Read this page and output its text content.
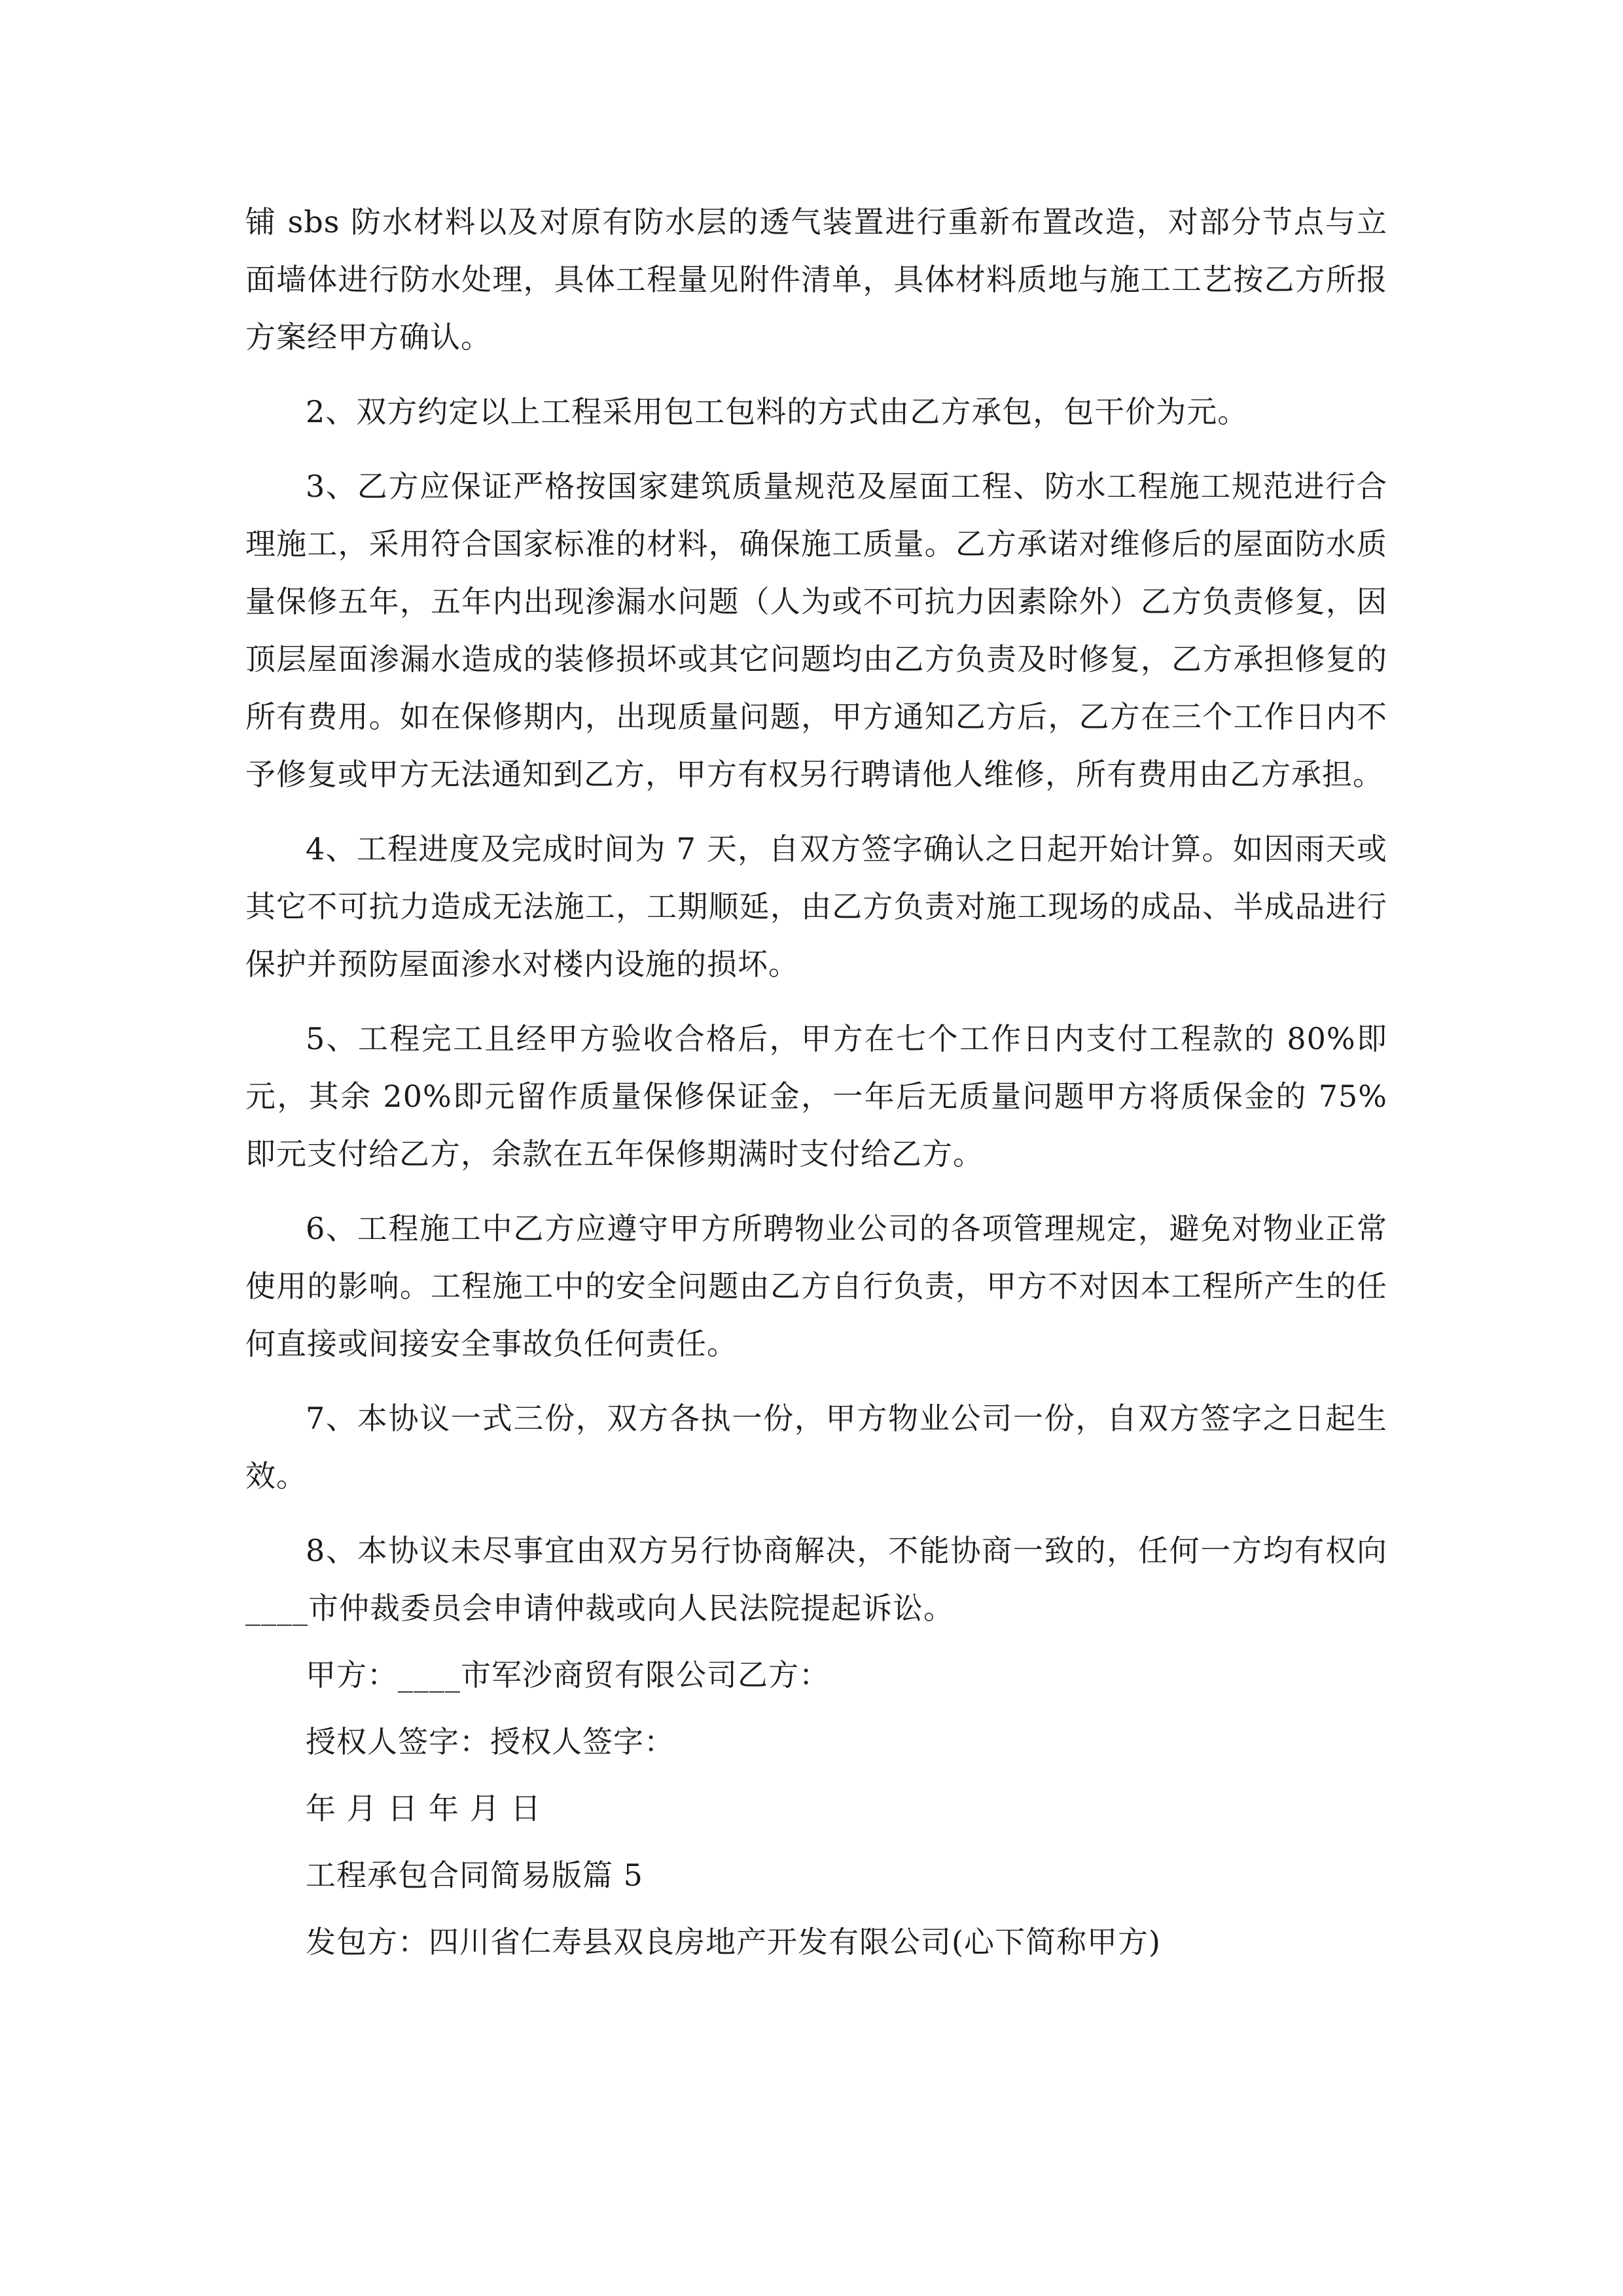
铺 sbs 防水材料以及对原有防水层的透气装置进行重新布置改造，对部分节点与立面墙体进行防水处理，具体工程量见附件清单，具体材料质地与施工工艺按乙方所报方案经甲方确认。

2、双方约定以上工程采用包工包料的方式由乙方承包，包干价为元。

3、乙方应保证严格按国家建筑质量规范及屋面工程、防水工程施工规范进行合理施工，采用符合国家标准的材料，确保施工质量。乙方承诺对维修后的屋面防水质量保修五年，五年内出现渗漏水问题（人为或不可抗力因素除外）乙方负责修复，因顶层屋面渗漏水造成的装修损坏或其它问题均由乙方负责及时修复，乙方承担修复的所有费用。如在保修期内，出现质量问题，甲方通知乙方后，乙方在三个工作日内不予修复或甲方无法通知到乙方，甲方有权另行聘请他人维修，所有费用由乙方承担。

4、工程进度及完成时间为 7 天，自双方签字确认之日起开始计算。如因雨天或其它不可抗力造成无法施工，工期顺延，由乙方负责对施工现场的成品、半成品进行保护并预防屋面渗水对楼内设施的损坏。

5、工程完工且经甲方验收合格后，甲方在七个工作日内支付工程款的 80%即元，其余 20%即元留作质量保修保证金，一年后无质量问题甲方将质保金的 75%即元支付给乙方，余款在五年保修期满时支付给乙方。

6、工程施工中乙方应遵守甲方所聘物业公司的各项管理规定，避免对物业正常使用的影响。工程施工中的安全问题由乙方自行负责，甲方不对因本工程所产生的任何直接或间接安全事故负任何责任。

7、本协议一式三份，双方各执一份，甲方物业公司一份，自双方签字之日起生效。

8、本协议未尽事宜由双方另行协商解决，不能协商一致的，任何一方均有权向____市仲裁委员会申请仲裁或向人民法院提起诉讼。

甲方：____市军沙商贸有限公司乙方：

授权人签字：授权人签字：

年 月 日 年 月 日

工程承包合同简易版篇 5

发包方：四川省仁寿县双良房地产开发有限公司(心下简称甲方)
